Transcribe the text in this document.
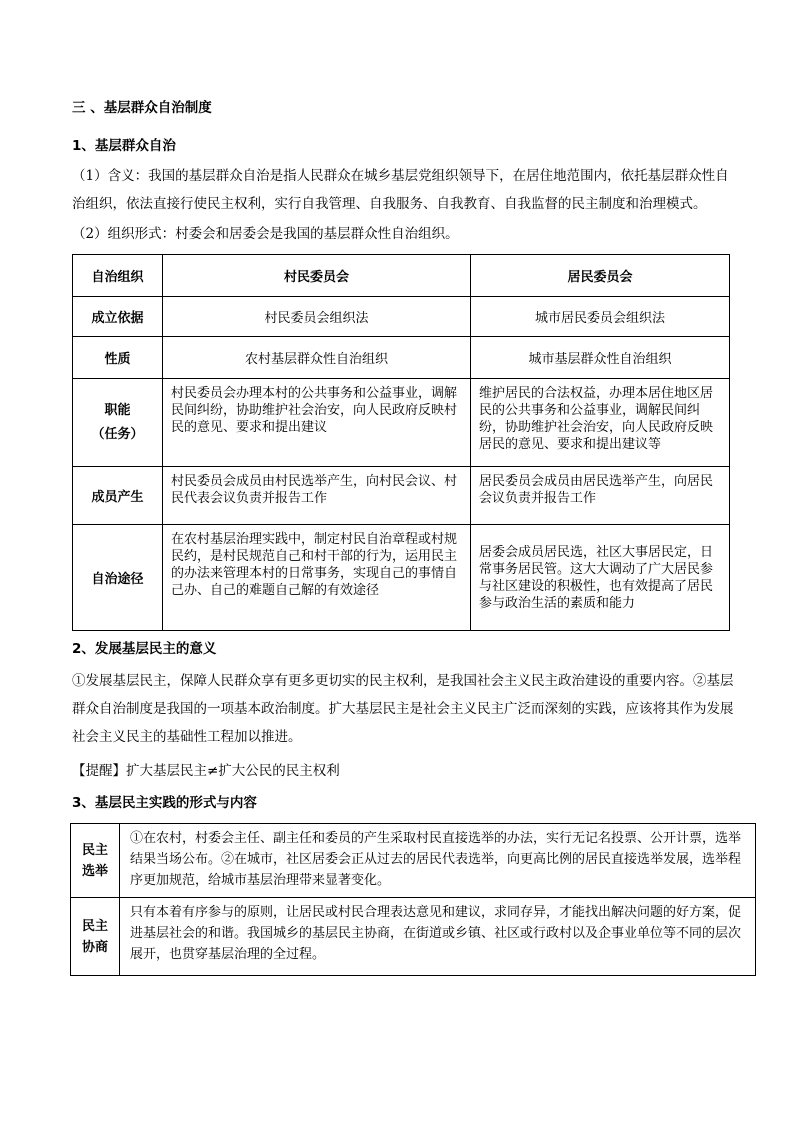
三 、基层群众自治制度

1、基层群众自治

（1）含义：我国的基层群众自治是指人民群众在城乡基层党组织领导下，在居住地范围内，依托基层群众性自治组织，依法直接行使民主权利，实行自我管理、自我服务、自我教育、自我监督的民主制度和治理模式。

（2）组织形式：村委会和居委会是我国的基层群众性自治组织。

自治组织	村民委员会	居民委员会
成立依据	村民委员会组织法	城市居民委员会组织法
性质	农村基层群众性自治组织	城市基层群众性自治组织

职能
（任务）	村民委员会办理本村的公共事务和公益事业，调解民间纠纷，协助维护社会治安，向人民政府反映村民的意见、要求和提出建议	维护居民的合法权益，办理本居住地区居民的公共事务和公益事业，调解民间纠纷，协助维护社会治安，向人民政府反映居民的意见、要求和提出建议等
成员产生	村民委员会成员由村民选举产生，向村民会议、村民代表会议负责并报告工作	居民委员会成员由居民选举产生，向居民会议负责并报告工作
自治途径	在农村基层治理实践中，制定村民自治章程或村规民约，是村民规范自己和村干部的行为，运用民主的办法来管理本村的日常事务，实现自己的事情自己办、自己的难题自己解的有效途径	居委会成员居民选，社区大事居民定，日常事务居民管。这大大调动了广大居民参与社区建设的积极性，也有效提高了居民参与政治生活的素质和能力

2、发展基层民主的意义

①发展基层民主，保障人民群众享有更多更切实的民主权利，是我国社会主义民主政治建设的重要内容。②基层群众自治制度是我国的一项基本政治制度。扩大基层民主是社会主义民主广泛而深刻的实践，应该将其作为发展社会主义民主的基础性工程加以推进。

【提醒】扩大基层民主≠扩大公民的民主权利

3、基层民主实践的形式与内容

民主
选举	①在农村，村委会主任、副主任和委员的产生采取村民直接选举的办法，实行无记名投票、公开计票，选举结果当场公布。②在城市，社区居委会正从过去的居民代表选举，向更高比例的居民直接选举发展，选举程序更加规范，给城市基层治理带来显著变化。

民主
协商	只有本着有序参与的原则，让居民或村民合理表达意见和建议，求同存异，才能找出解决问题的好方案，促进基层社会的和谐。我国城乡的基层民主协商，在街道或乡镇、社区或行政村以及企事业单位等不同的层次展开，也贯穿基层治理的全过程。
